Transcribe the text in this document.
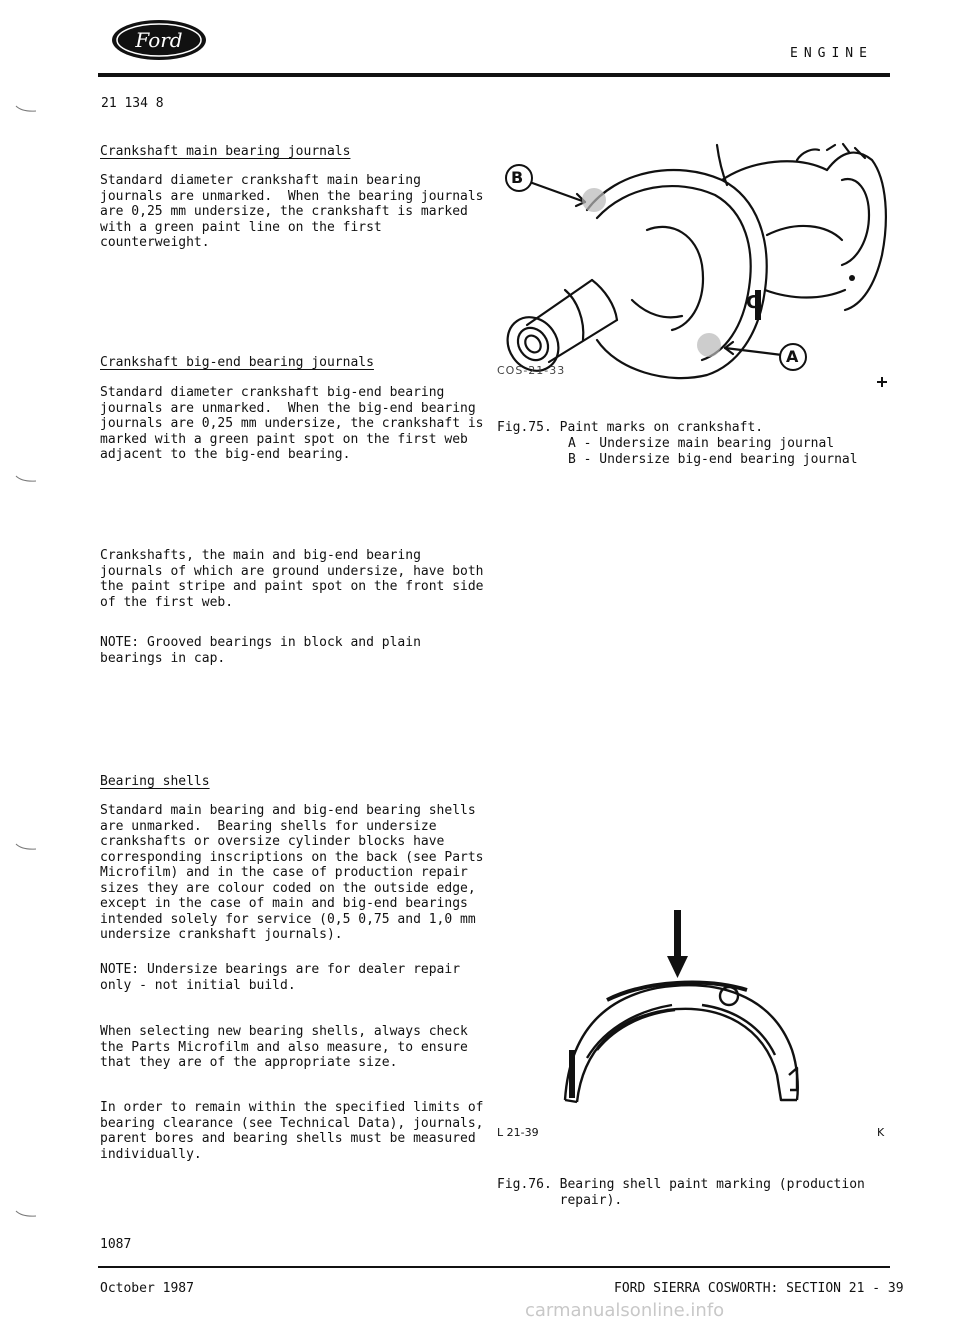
Ford
ENGINE
21 134 8
Crankshaft main bearing journals
Standard diameter crankshaft main bearing
journals are unmarked.  When the bearing journals
are 0,25 mm undersize, the crankshaft is marked
with a green paint line on the first
counterweight.
Crankshaft big-end bearing journals
Standard diameter crankshaft big-end bearing
journals are unmarked.  When the big-end bearing
journals are 0,25 mm undersize, the crankshaft is
marked with a green paint spot on the first web
adjacent to the big-end bearing.
Crankshafts, the main and big-end bearing
journals of which are ground undersize, have both
the paint stripe and paint spot on the front side
of the first web.
NOTE: Grooved bearings in block and plain
bearings in cap.
Bearing shells
Standard main bearing and big-end bearing shells
are unmarked.  Bearing shells for undersize
crankshafts or oversize cylinder blocks have
corresponding inscriptions on the back (see Parts
Microfilm) and in the case of production repair
sizes they are colour coded on the outside edge,
except in the case of main and big-end bearings
intended solely for service (0,5 0,75 and 1,0 mm
undersize crankshaft journals).
NOTE: Undersize bearings are for dealer repair
only - not initial build.
When selecting new bearing shells, always check
the Parts Microfilm and also measure, to ensure
that they are of the appropriate size.
In order to remain within the specified limits of
bearing clearance (see Technical Data), journals,
parent bores and bearing shells must be measured
individually.
1087
B
C
A
COS-21-33
Fig.75. Paint marks on crankshaft.
A - Undersize main bearing journal
B - Undersize big-end bearing journal
L 21-39	K
Fig.76. Bearing shell paint marking (production
repair).
October 1987	FORD SIERRA COSWORTH: SECTION 21 - 39
carmanualsonline.info
